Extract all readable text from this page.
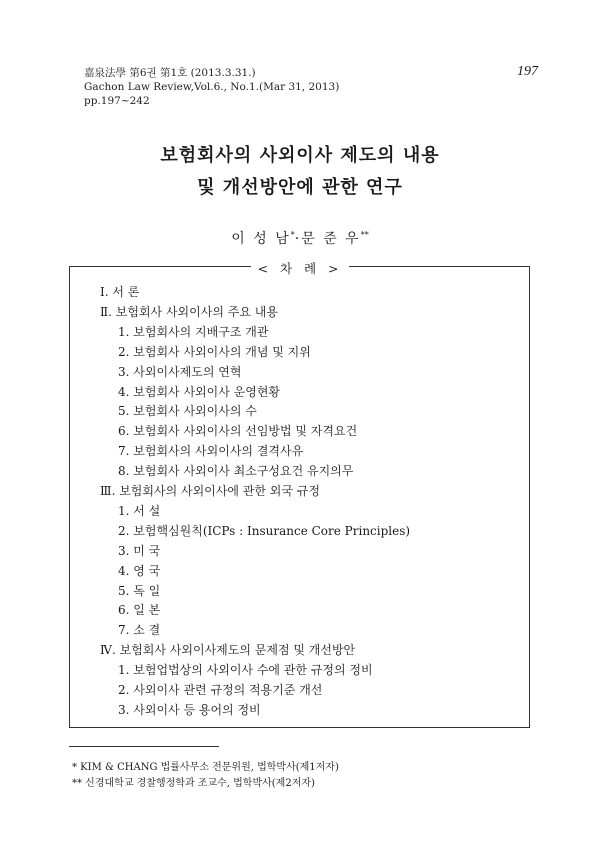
嘉泉法學 第6권 第1호 (2013.3.31.)
Gachon Law Review,Vol.6., No.1.(Mar 31, 2013)
pp.197~242
197
보험회사의 사외이사 제도의 내용
및 개선방안에 관한 연구
이 성 남*·문 준 우**
< 차 례 >
Ⅰ. 서 론
Ⅱ. 보험회사 사외이사의 주요 내용
1. 보험회사의 지배구조 개관
2. 보험회사 사외이사의 개념 및 지위
3. 사외이사제도의 연혁
4. 보험회사 사외이사 운영현황
5. 보험회사 사외이사의 수
6. 보험회사 사외이사의 선임방법 및 자격요건
7. 보험회사의 사외이사의 결격사유
8. 보험회사 사외이사 최소구성요건 유지의무
Ⅲ. 보험회사의 사외이사에 관한 외국 규정
1. 서 설
2. 보험핵심원칙(ICPs : Insurance Core Principles)
3. 미 국
4. 영 국
5. 독 일
6. 일 본
7. 소 결
Ⅳ. 보험회사 사외이사제도의 문제점 및 개선방안
1. 보험업법상의 사외이사 수에 관한 규정의 정비
2. 사외이사 관련 규정의 적용기준 개선
3. 사외이사 등 용어의 정비
* KIM & CHANG 법률사무소 전문위원, 법학박사(제1저자)
** 신경대학교 경찰행정학과 조교수, 법학박사(제2저자)
